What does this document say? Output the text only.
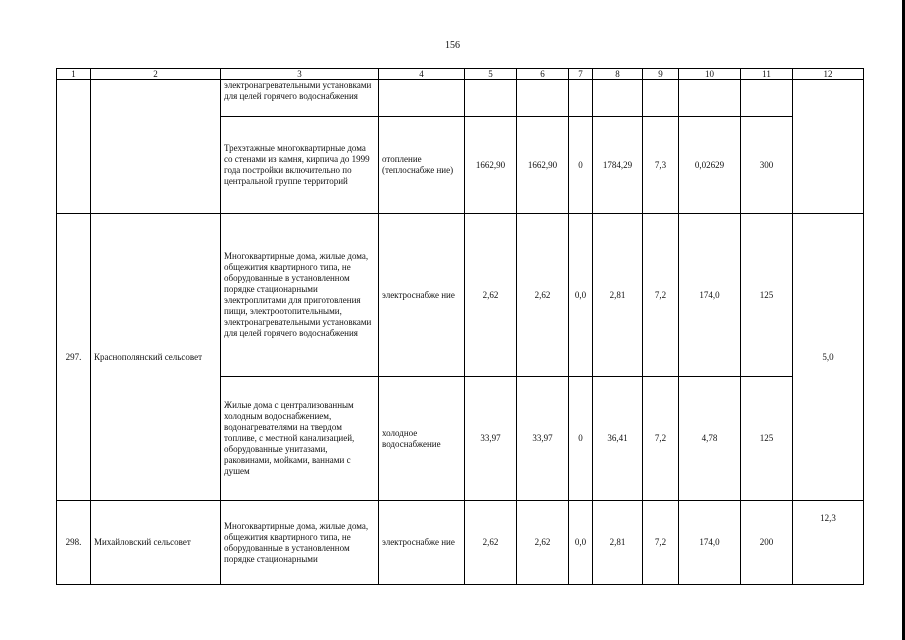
156
1	2	3	4	5	6	7	8	9	10	11	12
		электронагревательными установками для целей горячего водоснабжения									
		Трехэтажные многоквартирные дома со стенами из камня, кирпича до 1999 года постройки включительно по центральной группе территорий	отопление (теплоснабже ние)	1662,90	1662,90	0	1784,29	7,3	0,02629	300	
297.	Краснополянский сельсовет	Многоквартирные дома, жилые дома, общежития квартирного типа, не оборудованные в установленном порядке стационарными электроплитами для приготовления пищи, электроотопительными, электронагревательными установками для целей горячего водоснабжения	электроснабже ние	2,62	2,62	0,0	2,81	7,2	174,0	125	5,0
		Жилые дома с централизованным холодным водоснабжением, водонагревателями на твердом топливе, с местной канализацией, оборудованные унитазами, раковинами, мойками, ваннами с душем	холодное водоснабжение	33,97	33,97	0	36,41	7,2	4,78	125	
298.	Михайловский сельсовет	Многоквартирные дома, жилые дома, общежития квартирного типа, не оборудованные в установленном порядке стационарными	электроснабже ние	2,62	2,62	0,0	2,81	7,2	174,0	200	12,3
